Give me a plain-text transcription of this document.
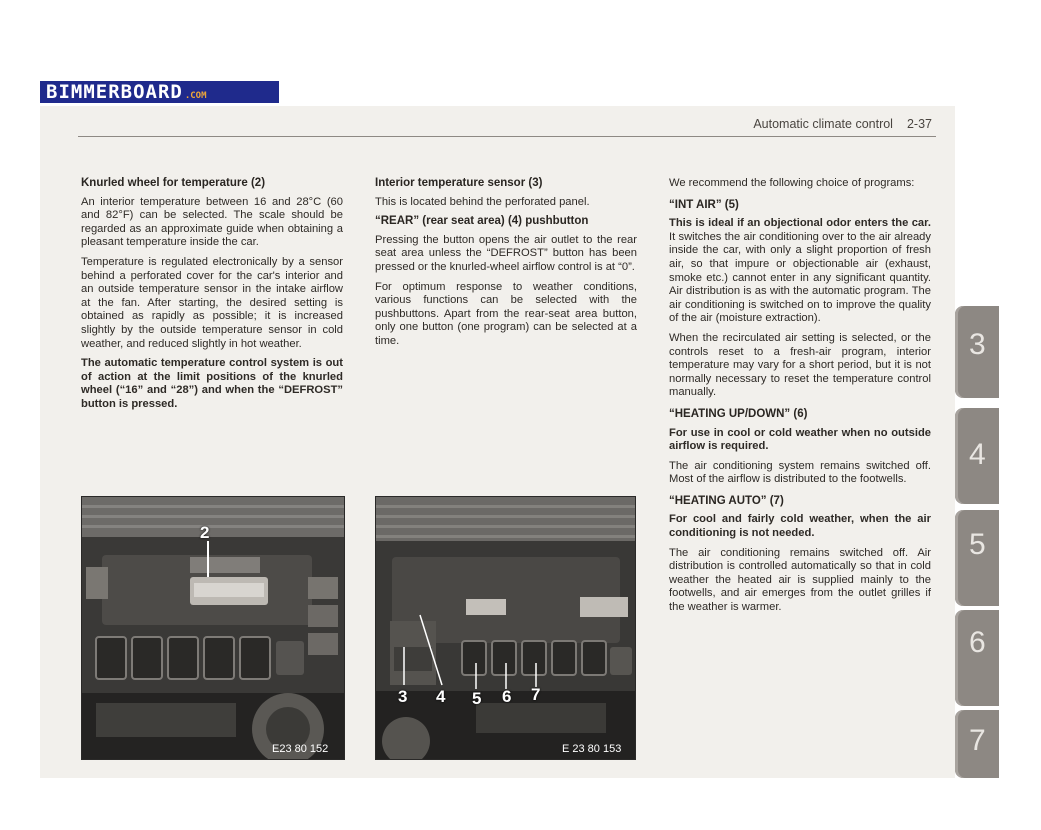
BIMMERBOARD .COM
Automatic climate control 2-37
Knurled wheel for temperature (2)

An interior temperature between 16 and 28°C (60 and 82°F) can be selected. The scale should be regarded as an approximate guide when obtaining a pleasant temperature inside the car.

Temperature is regulated electronically by a sensor behind a perforated cover for the car's interior and an outside temperature sensor in the intake airflow at the fan. After starting, the desired setting is obtained as rapidly as possible; it is increased slightly by the outside temperature sensor in cold weather, and reduced slightly in hot weather.

The automatic temperature control system is out of action at the limit positions of the knurled wheel (“16” and “28”) and when the “DEFROST” button is pressed.

Interior temperature sensor (3)

This is located behind the perforated panel.

“REAR” (rear seat area) (4) pushbutton

Pressing the button opens the air outlet to the rear seat area unless the “DEFROST” button has been pressed or the knurled-wheel airflow control is at “0”.

For optimum response to weather conditions, various functions can be selected with the pushbuttons. Apart from the rear-seat area button, only one button (one program) can be selected at a time.

We recommend the following choice of programs:

“INT AIR” (5)

This is ideal if an objectional odor enters the car. It switches the air conditioning over to the air already inside the car, with only a slight proportion of fresh air, so that impure or objectionable air (exhaust, smoke etc.) cannot enter in any significant quantity. Air distribution is as with the automatic program. The air conditioning is switched on to improve the quality of the air (moisture extraction).

When the recirculated air setting is selected, or the controls reset to a fresh-air program, interior temperature may vary for a short period, but it is not normally necessary to reset the temperature control manually.

“HEATING UP/DOWN” (6)

For use in cool or cold weather when no outside airflow is required.

The air conditioning system remains switched off. Most of the airflow is distributed to the footwells.

“HEATING AUTO” (7)

For cool and fairly cold weather, when the air conditioning is not needed.

The air conditioning remains switched off. Air distribution is controlled automatically so that in cold weather the heated air is supplied mainly to the footwells, and air emerges from the outlet grilles if the weather is warmer.

2
E23 80 152
3 4 5 6 7
E 23 80 153
3
4
5
6
7
